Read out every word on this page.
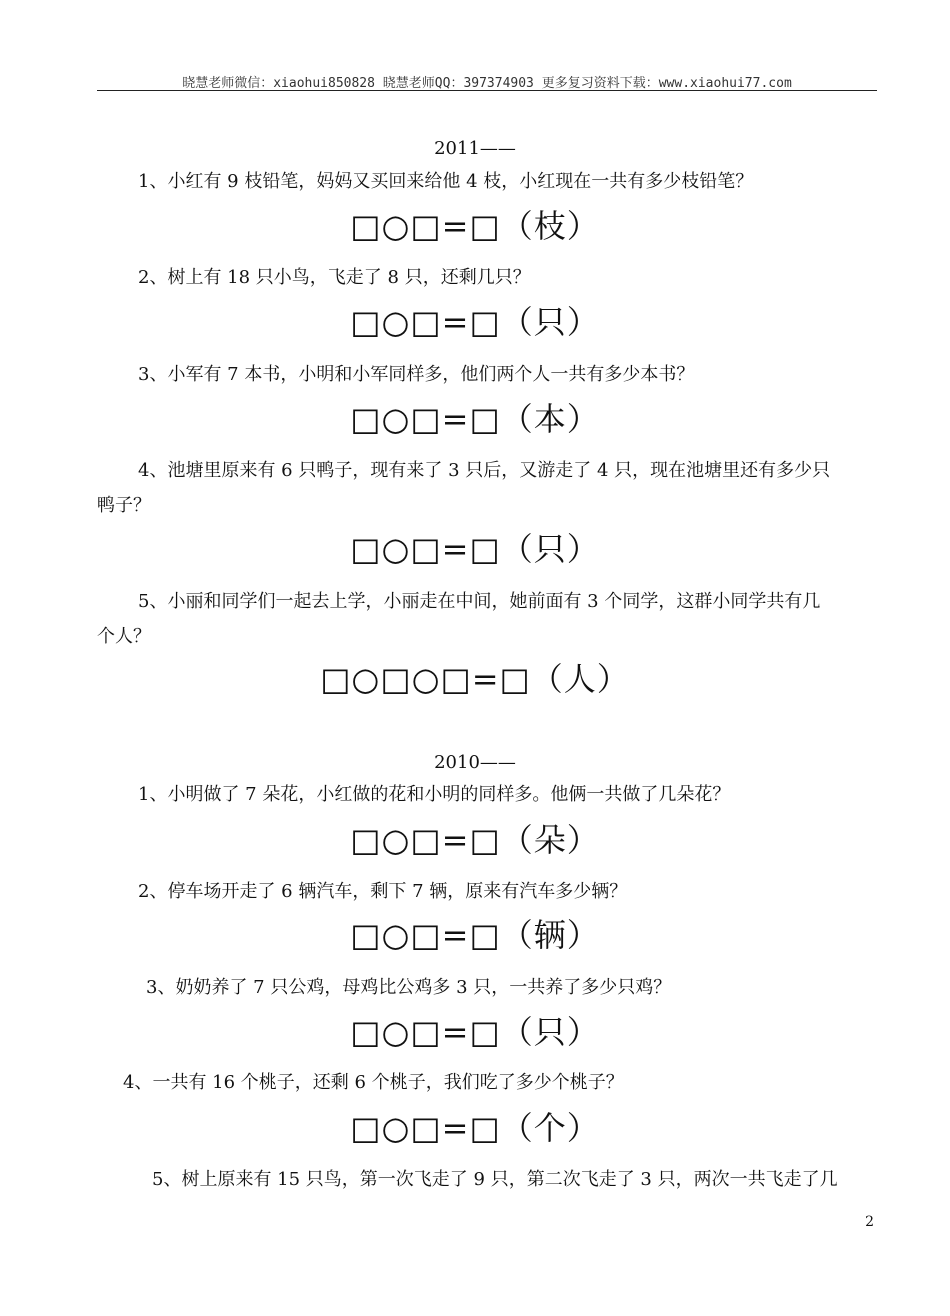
晓慧老师微信：xiaohui850828 晓慧老师QQ：397374903 更多复习资料下载：www.xiaohui77.com
2011——
1、小红有 9 枝铅笔，妈妈又买回来给他 4 枝，小红现在一共有多少枝铅笔？
□○□=□（枝）
2、树上有 18 只小鸟，飞走了 8 只，还剩几只？
□○□=□（只）
3、小军有 7 本书，小明和小军同样多，他们两个人一共有多少本书？
□○□=□（本）
4、池塘里原来有 6 只鸭子，现有来了 3 只后，又游走了 4 只，现在池塘里还有多少只
鸭子？
□○□=□（只）
5、小丽和同学们一起去上学，小丽走在中间，她前面有 3 个同学，这群小同学共有几
个人？
□○□○□=□（人）
2010——
1、小明做了 7 朵花，小红做的花和小明的同样多。他俩一共做了几朵花？
□○□=□（朵）
2、停车场开走了 6 辆汽车，剩下 7 辆，原来有汽车多少辆？
□○□=□（辆）
3、奶奶养了 7 只公鸡，母鸡比公鸡多 3 只，一共养了多少只鸡？
□○□=□（只）
4、一共有 16 个桃子，还剩 6 个桃子，我们吃了多少个桃子？
□○□=□（个）
5、树上原来有 15 只鸟，第一次飞走了 9 只，第二次飞走了 3 只，两次一共飞走了几
2
